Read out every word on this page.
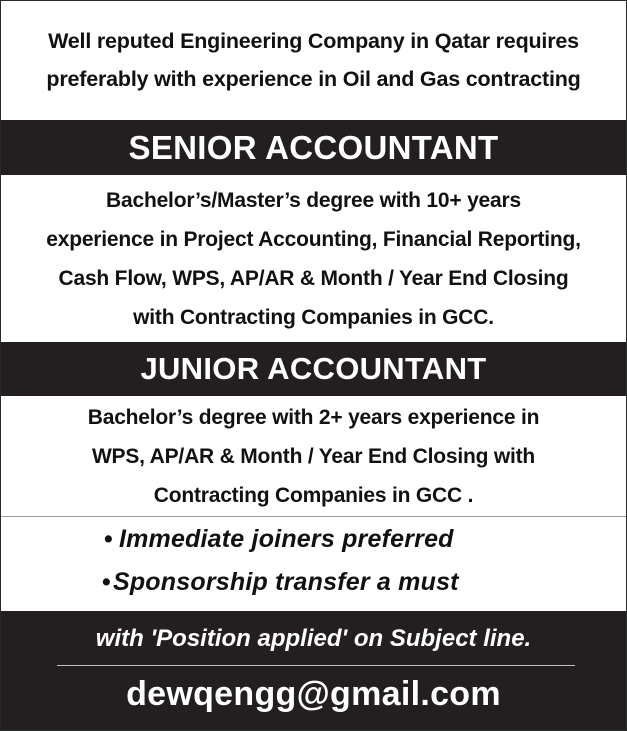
Well reputed Engineering Company in Qatar requires
preferably with experience in Oil and Gas contracting
SENIOR ACCOUNTANT
Bachelor’s/Master’s degree with 10+ years
experience in Project Accounting, Financial Reporting,
Cash Flow, WPS, AP/AR & Month / Year End Closing
with Contracting Companies in GCC.
JUNIOR ACCOUNTANT
Bachelor’s degree with 2+ years experience in
WPS, AP/AR & Month / Year End Closing with
Contracting Companies in GCC .
• Immediate joiners preferred
•Sponsorship transfer a must
with 'Position applied' on Subject line.
dewqengg@gmail.com
